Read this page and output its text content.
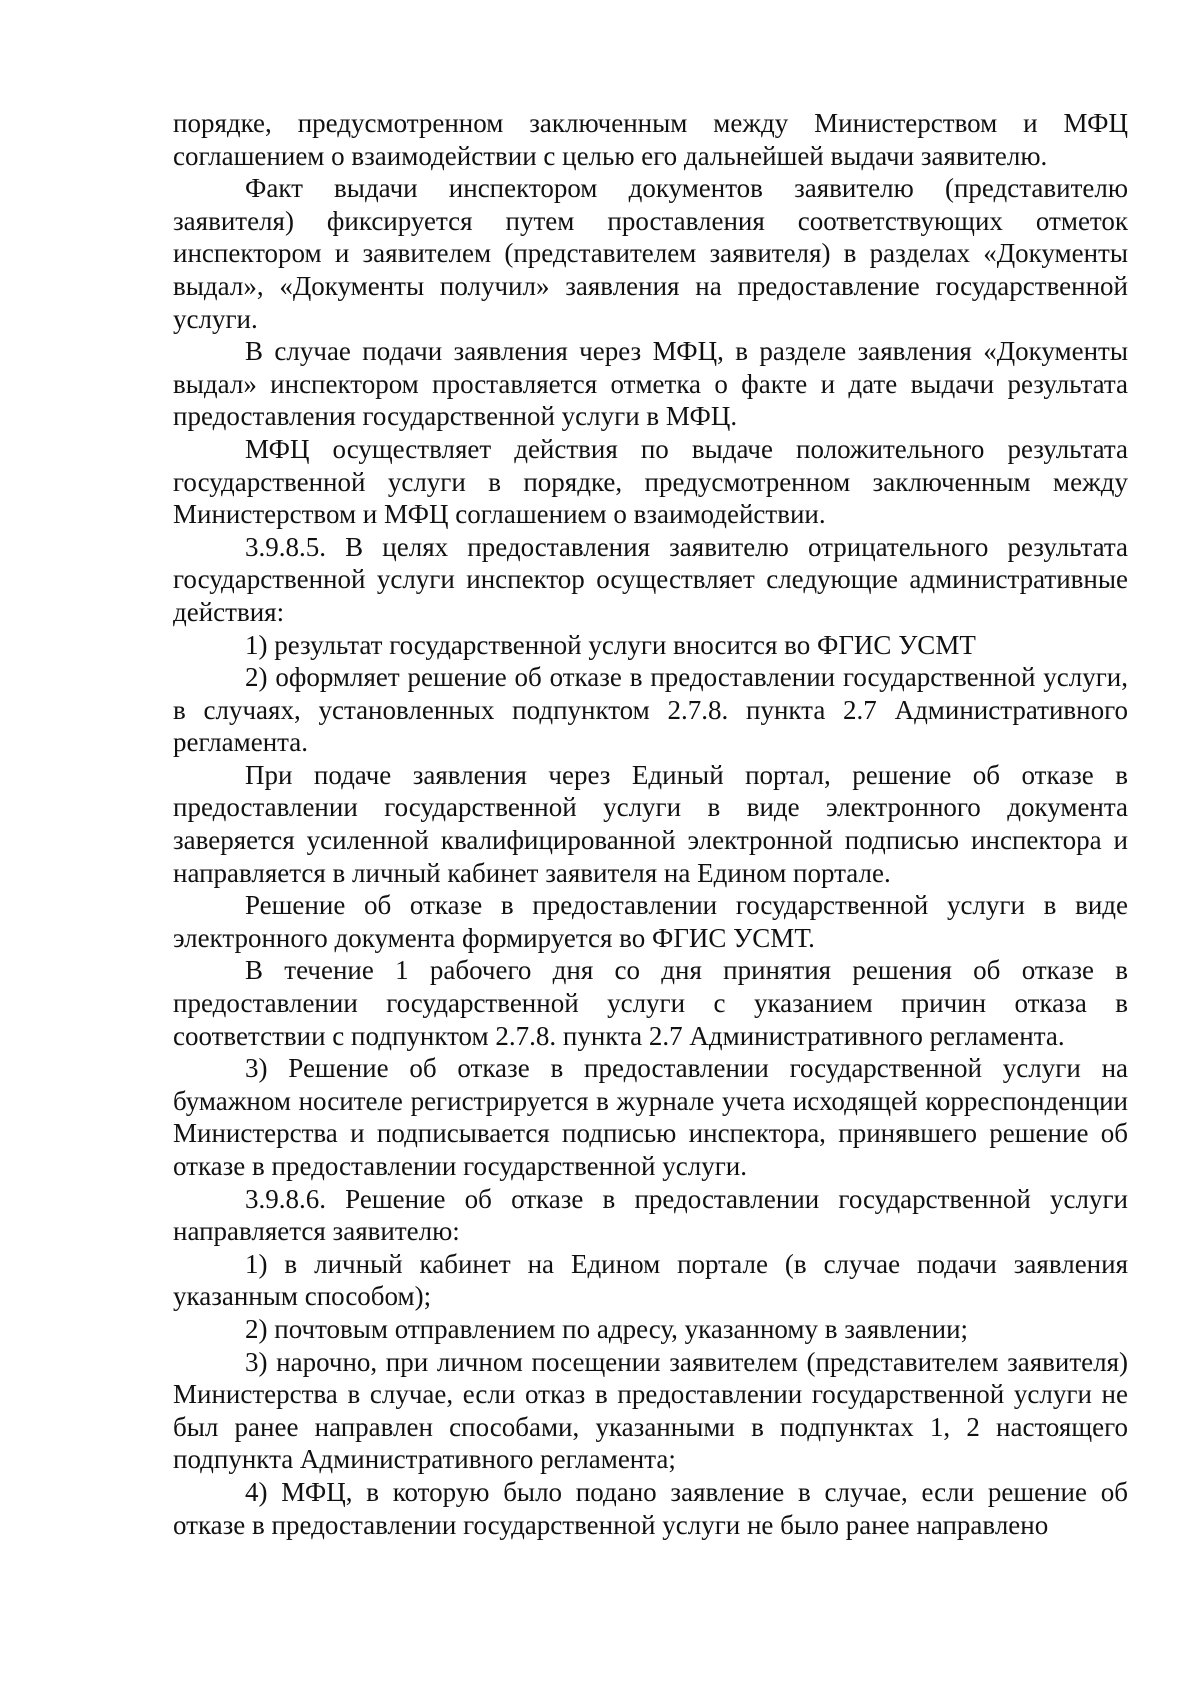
порядке, предусмотренном заключенным между Министерством и МФЦ соглашением о взаимодействии с целью его дальнейшей выдачи заявителю.

Факт выдачи инспектором документов заявителю (представителю заявителя) фиксируется путем проставления соответствующих отметок инспектором и заявителем (представителем заявителя) в разделах «Документы выдал», «Документы получил» заявления на предоставление государственной услуги.

В случае подачи заявления через МФЦ, в разделе заявления «Документы выдал» инспектором проставляется отметка о факте и дате выдачи результата предоставления государственной услуги в МФЦ.

МФЦ осуществляет действия по выдаче положительного результата государственной услуги в порядке, предусмотренном заключенным между Министерством и МФЦ соглашением о взаимодействии.

3.9.8.5. В целях предоставления заявителю отрицательного результата государственной услуги инспектор осуществляет следующие административные действия:

1) результат государственной услуги вносится во ФГИС УСМТ

2) оформляет решение об отказе в предоставлении государственной услуги, в случаях, установленных подпунктом 2.7.8. пункта 2.7 Административного регламента.

При подаче заявления через Единый портал, решение об отказе в предоставлении государственной услуги в виде электронного документа заверяется усиленной квалифицированной электронной подписью инспектора и направляется в личный кабинет заявителя на Едином портале.

Решение об отказе в предоставлении государственной услуги в виде электронного документа формируется во ФГИС УСМТ.

В течение 1 рабочего дня со дня принятия решения об отказе в предоставлении государственной услуги с указанием причин отказа в соответствии с подпунктом 2.7.8. пункта 2.7 Административного регламента.

3) Решение об отказе в предоставлении государственной услуги на бумажном носителе регистрируется в журнале учета исходящей корреспонденции Министерства и подписывается подписью инспектора, принявшего решение об отказе в предоставлении государственной услуги.

3.9.8.6. Решение об отказе в предоставлении государственной услуги направляется заявителю:

1) в личный кабинет на Едином портале (в случае подачи заявления указанным способом);

2) почтовым отправлением по адресу, указанному в заявлении;

3) нарочно, при личном посещении заявителем (представителем заявителя) Министерства в случае, если отказ в предоставлении государственной услуги не был ранее направлен способами, указанными в подпунктах 1, 2 настоящего подпункта Административного регламента;

4) МФЦ, в которую было подано заявление в случае, если решение об отказе в предоставлении государственной услуги не было ранее направлено
